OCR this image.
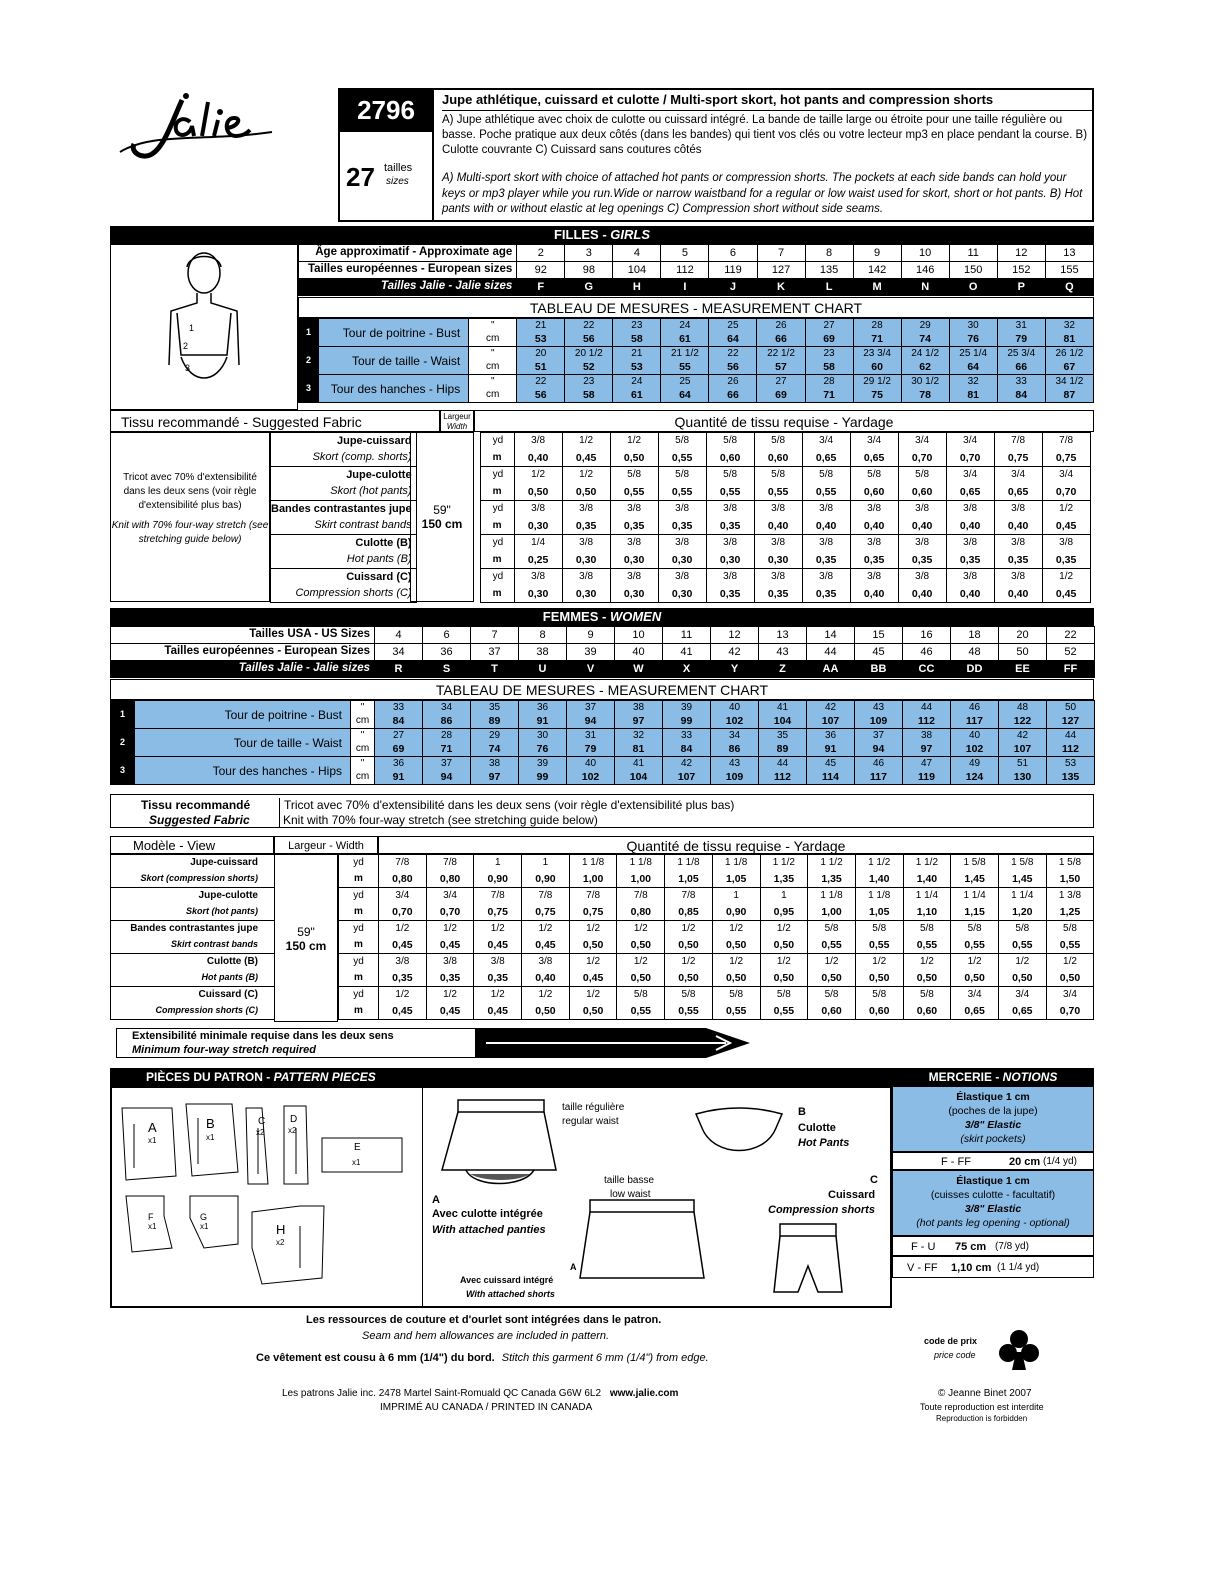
2796
27 tailles
sizes
Jupe athlétique, cuissard et culotte / Multi-sport skort, hot pants and compression shorts
A) Jupe athlétique avec choix de culotte ou cuissard intégré. La bande de taille large ou étroite pour une taille régulière ou basse. Poche pratique aux deux côtés (dans les bandes) qui tient vos clés ou votre lecteur mp3 en place pendant la course. B) Culotte couvrante C) Cuissard sans coutures côtés
A) Multi-sport skort with choice of attached hot pants or compression shorts. The pockets at each side bands can hold your keys or mp3 player while you run.Wide or narrow waistband for a regular or low waist used for skort, short or hot pants. B) Hot pants with or without elastic at leg openings C) Compression short without side seams.
FILLES - GIRLS
1
2
3
Âge approximatif - Approximate age	2	3	4	5	6	7	8	9	10	11	12	13
Tailles européennes - European sizes	92	98	104	112	119	127	135	142	146	150	152	155
Tailles Jalie - Jalie sizes	F	G	H	I	J	K	L	M	N	O	P	Q
TABLEAU DE MESURES - MEASUREMENT CHART
1	Tour de poitrine - Bust	"	21	22	23	24	25	26	27	28	29	30	31	32
		cm	53	56	58	61	64	66	69	71	74	76	79	81
2	Tour de taille - Waist	"	20	20 1/2	21	21 1/2	22	22 1/2	23	23 3/4	24 1/2	25 1/4	25 3/4	26 1/2
		cm	51	52	53	55	56	57	58	60	62	64	66	67
3	Tour des hanches - Hips	"	22	23	24	25	26	27	28	29 1/2	30 1/2	32	33	34 1/2
		cm	56	58	61	64	66	69	71	75	78	81	84	87
Tissu recommandé - Suggested Fabric	Largeur
Width	Quantité de tissu requise - Yardage
Tricot avec 70% d'extensibilité dans les deux sens (voir règle d'extensibilité plus bas)
Knit with 70% four-way stretch (see stretching guide below)
59"
150 cm
Jupe-cuissard		yd	3/8	1/2	1/2	5/8	5/8	5/8	3/4	3/4	3/4	3/4	7/8	7/8
Skort (comp. shorts)		m	0,40	0,45	0,50	0,55	0,60	0,60	0,65	0,65	0,70	0,70	0,75	0,75
Jupe-culotte		yd	1/2	1/2	5/8	5/8	5/8	5/8	5/8	5/8	5/8	3/4	3/4	3/4
Skort (hot pants)		m	0,50	0,50	0,55	0,55	0,55	0,55	0,55	0,60	0,60	0,65	0,65	0,70
Bandes contrastantes jupe		yd	3/8	3/8	3/8	3/8	3/8	3/8	3/8	3/8	3/8	3/8	3/8	1/2
Skirt contrast bands		m	0,30	0,35	0,35	0,35	0,35	0,40	0,40	0,40	0,40	0,40	0,40	0,45
Culotte (B)		yd	1/4	3/8	3/8	3/8	3/8	3/8	3/8	3/8	3/8	3/8	3/8	3/8
Hot pants (B)		m	0,25	0,30	0,30	0,30	0,30	0,30	0,35	0,35	0,35	0,35	0,35	0,35
Cuissard (C)		yd	3/8	3/8	3/8	3/8	3/8	3/8	3/8	3/8	3/8	3/8	3/8	1/2
Compression shorts (C)		m	0,30	0,30	0,30	0,30	0,35	0,35	0,35	0,40	0,40	0,40	0,40	0,45
FEMMES - WOMEN
Tailles USA - US Sizes	4	6	7	8	9	10	11	12	13	14	15	16	18	20	22
Tailles européennes - European Sizes	34	36	37	38	39	40	41	42	43	44	45	46	48	50	52
Tailles Jalie - Jalie sizes	R	S	T	U	V	W	X	Y	Z	AA	BB	CC	DD	EE	FF
TABLEAU DE MESURES - MEASUREMENT CHART
1	Tour de poitrine - Bust	"	33	34	35	36	37	38	39	40	41	42	43	44	46	48	50
		cm	84	86	89	91	94	97	99	102	104	107	109	112	117	122	127
2	Tour de taille - Waist	"	27	28	29	30	31	32	33	34	35	36	37	38	40	42	44
		cm	69	71	74	76	79	81	84	86	89	91	94	97	102	107	112
3	Tour des hanches - Hips	"	36	37	38	39	40	41	42	43	44	45	46	47	49	51	53
		cm	91	94	97	99	102	104	107	109	112	114	117	119	124	130	135
Tissu recommandé
Suggested Fabric
Tricot avec 70% d'extensibilité dans les deux sens (voir règle d'extensibilité plus bas)
Knit with 70% four-way stretch (see stretching guide below)
Modèle - View	Largeur - Width	Quantité de tissu requise - Yardage
59"
150 cm
Jupe-cuissard		yd	7/8	7/8	1	1	1 1/8	1 1/8	1 1/8	1 1/8	1 1/2	1 1/2	1 1/2	1 1/2	1 5/8	1 5/8	1 5/8
Skort (compression shorts)		m	0,80	0,80	0,90	0,90	1,00	1,00	1,05	1,05	1,35	1,35	1,40	1,40	1,45	1,45	1,50
Jupe-culotte		yd	3/4	3/4	7/8	7/8	7/8	7/8	7/8	1	1	1 1/8	1 1/8	1 1/4	1 1/4	1 1/4	1 3/8
Skort (hot pants)		m	0,70	0,70	0,75	0,75	0,75	0,80	0,85	0,90	0,95	1,00	1,05	1,10	1,15	1,20	1,25
Bandes contrastantes jupe		yd	1/2	1/2	1/2	1/2	1/2	1/2	1/2	1/2	1/2	5/8	5/8	5/8	5/8	5/8	5/8
Skirt contrast bands		m	0,45	0,45	0,45	0,45	0,50	0,50	0,50	0,50	0,50	0,55	0,55	0,55	0,55	0,55	0,55
Culotte (B)		yd	3/8	3/8	3/8	3/8	1/2	1/2	1/2	1/2	1/2	1/2	1/2	1/2	1/2	1/2	1/2
Hot pants (B)		m	0,35	0,35	0,35	0,40	0,45	0,50	0,50	0,50	0,50	0,50	0,50	0,50	0,50	0,50	0,50
Cuissard (C)		yd	1/2	1/2	1/2	1/2	1/2	5/8	5/8	5/8	5/8	5/8	5/8	5/8	3/4	3/4	3/4
Compression shorts (C)		m	0,45	0,45	0,45	0,50	0,50	0,55	0,55	0,55	0,55	0,60	0,60	0,60	0,65	0,65	0,70
Extensibilité minimale requise dans les deux sens
Minimum four-way stretch required
PIÈCES DU PATRON - PATTERN PIECES
A
x1
B
x1
C
x2
D
x2
E
x1
F
x1
G
x1	H
x2
taille régulière
regular waist
taille basse
low waist
A
Avec culotte intégrée
With attached panties
A
Avec cuissard intégré
With attached shorts
B
Culotte
Hot Pants
C
Cuissard
Compression shorts
MERCERIE - NOTIONS
Élastique 1 cm
(poches de la jupe)
3/8" Elastic
(skirt pockets)
F - FF	20 cm (1/4 yd)
Élastique 1 cm
(cuisses culotte - facultatif)
3/8" Elastic
(hot pants leg opening - optional)
F - U 75 cm (7/8 yd)
V - FF 1,10 cm (1 1/4 yd)
Les ressources de couture et d'ourlet sont intégrées dans le patron.
Seam and hem allowances are included in pattern.
Ce vêtement est cousu à 6 mm (1/4") du bord. Stitch this garment 6 mm (1/4") from edge.
code de prix
price code
Les patrons Jalie inc. 2478 Martel Saint-Romuald QC Canada G6W 6L2 www.jalie.com
IMPRIMÉ AU CANADA / PRINTED IN CANADA
© Jeanne Binet 2007
Toute reproduction est interdite
Reproduction is forbidden
